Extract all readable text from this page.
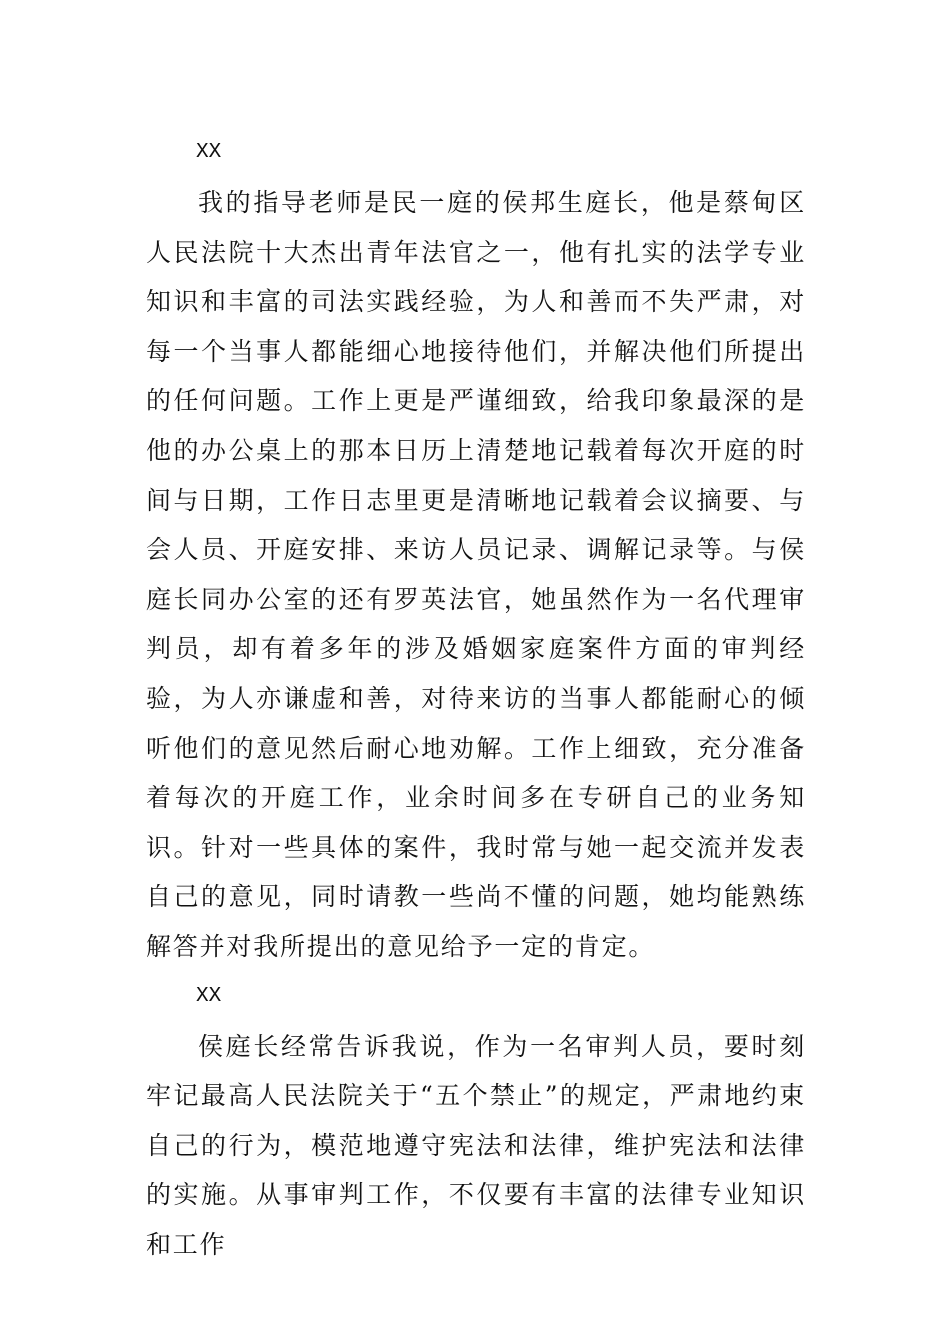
XX

我的指导老师是民一庭的侯邦生庭长，他是蔡甸区人民法院十大杰出青年法官之一，他有扎实的法学专业知识和丰富的司法实践经验，为人和善而不失严肃，对每一个当事人都能细心地接待他们，并解决他们所提出的任何问题。工作上更是严谨细致，给我印象最深的是他的办公桌上的那本日历上清楚地记载着每次开庭的时间与日期，工作日志里更是清晰地记载着会议摘要、与会人员、开庭安排、来访人员记录、调解记录等。与侯庭长同办公室的还有罗英法官，她虽然作为一名代理审判员，却有着多年的涉及婚姻家庭案件方面的审判经验，为人亦谦虚和善，对待来访的当事人都能耐心的倾听他们的意见然后耐心地劝解。工作上细致，充分准备着每次的开庭工作，业余时间多在专研自己的业务知识。针对一些具体的案件，我时常与她一起交流并发表自己的意见，同时请教一些尚不懂的问题，她均能熟练解答并对我所提出的意见给予一定的肯定。

XX

侯庭长经常告诉我说，作为一名审判人员，要时刻牢记最高人民法院关于“五个禁止”的规定，严肃地约束自己的行为，模范地遵守宪法和法律，维护宪法和法律的实施。从事审判工作，不仅要有丰富的法律专业知识和工作
